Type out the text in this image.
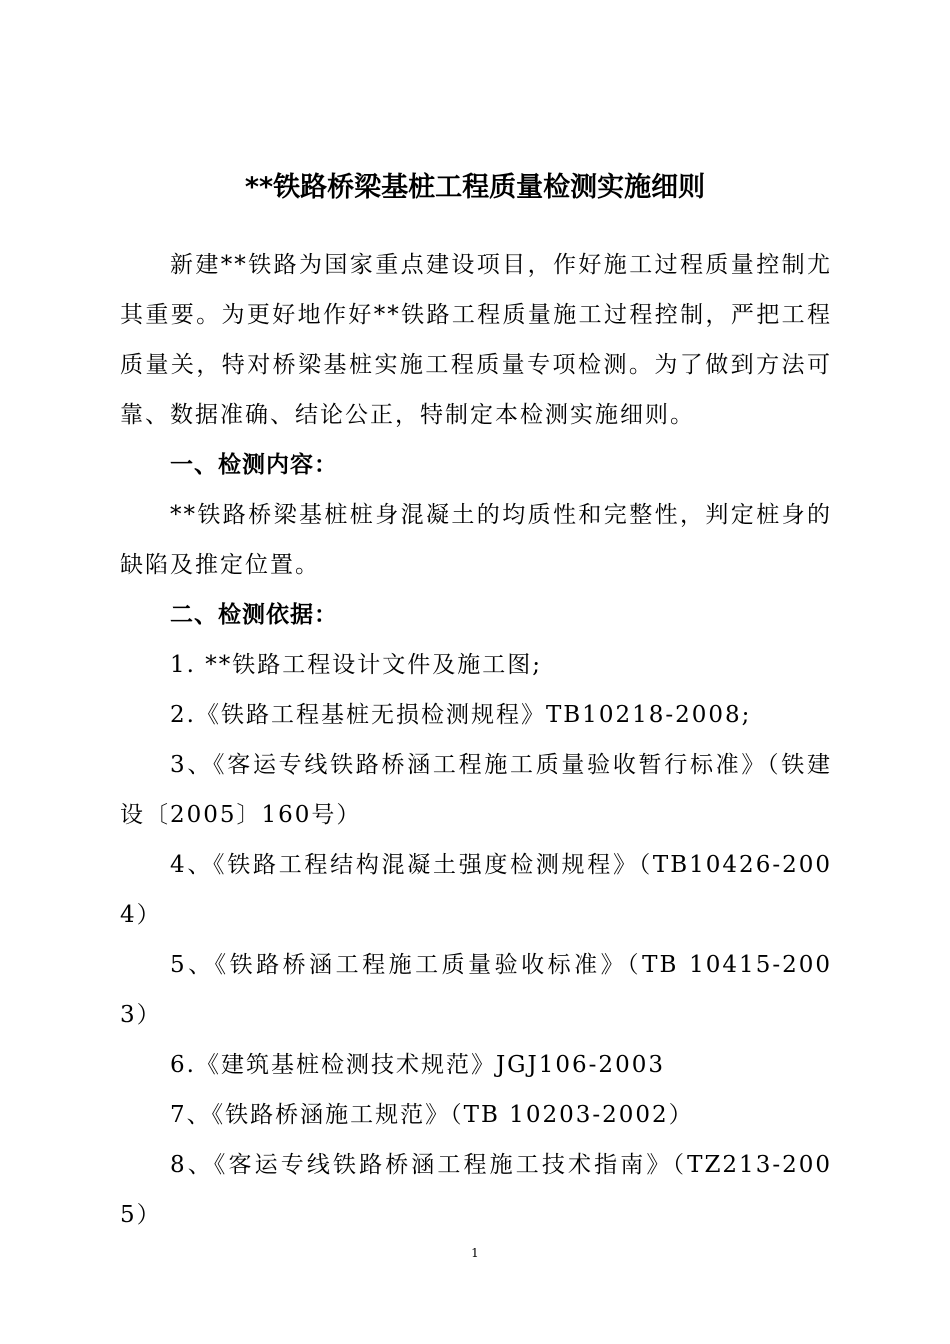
**铁路桥梁基桩工程质量检测实施细则

新建**铁路为国家重点建设项目，作好施工过程质量控制尤其重要。为更好地作好**铁路工程质量施工过程控制，严把工程质量关，特对桥梁基桩实施工程质量专项检测。为了做到方法可靠、数据准确、结论公正，特制定本检测实施细则。

一、检测内容：

**铁路桥梁基桩桩身混凝土的均质性和完整性，判定桩身的缺陷及推定位置。

二、检测依据：

1. **铁路工程设计文件及施工图;

2.《铁路工程基桩无损检测规程》TB10218-2008;

3、《客运专线铁路桥涵工程施工质量验收暂行标准》（铁建设〔2005〕160号）

4、《铁路工程结构混凝土强度检测规程》（TB10426-2004）

5、《铁路桥涵工程施工质量验收标准》（TB 10415-2003）

6.《建筑基桩检测技术规范》JGJ106-2003

7、《铁路桥涵施工规范》（TB 10203-2002）

8、《客运专线铁路桥涵工程施工技术指南》（TZ213-2005）

1
